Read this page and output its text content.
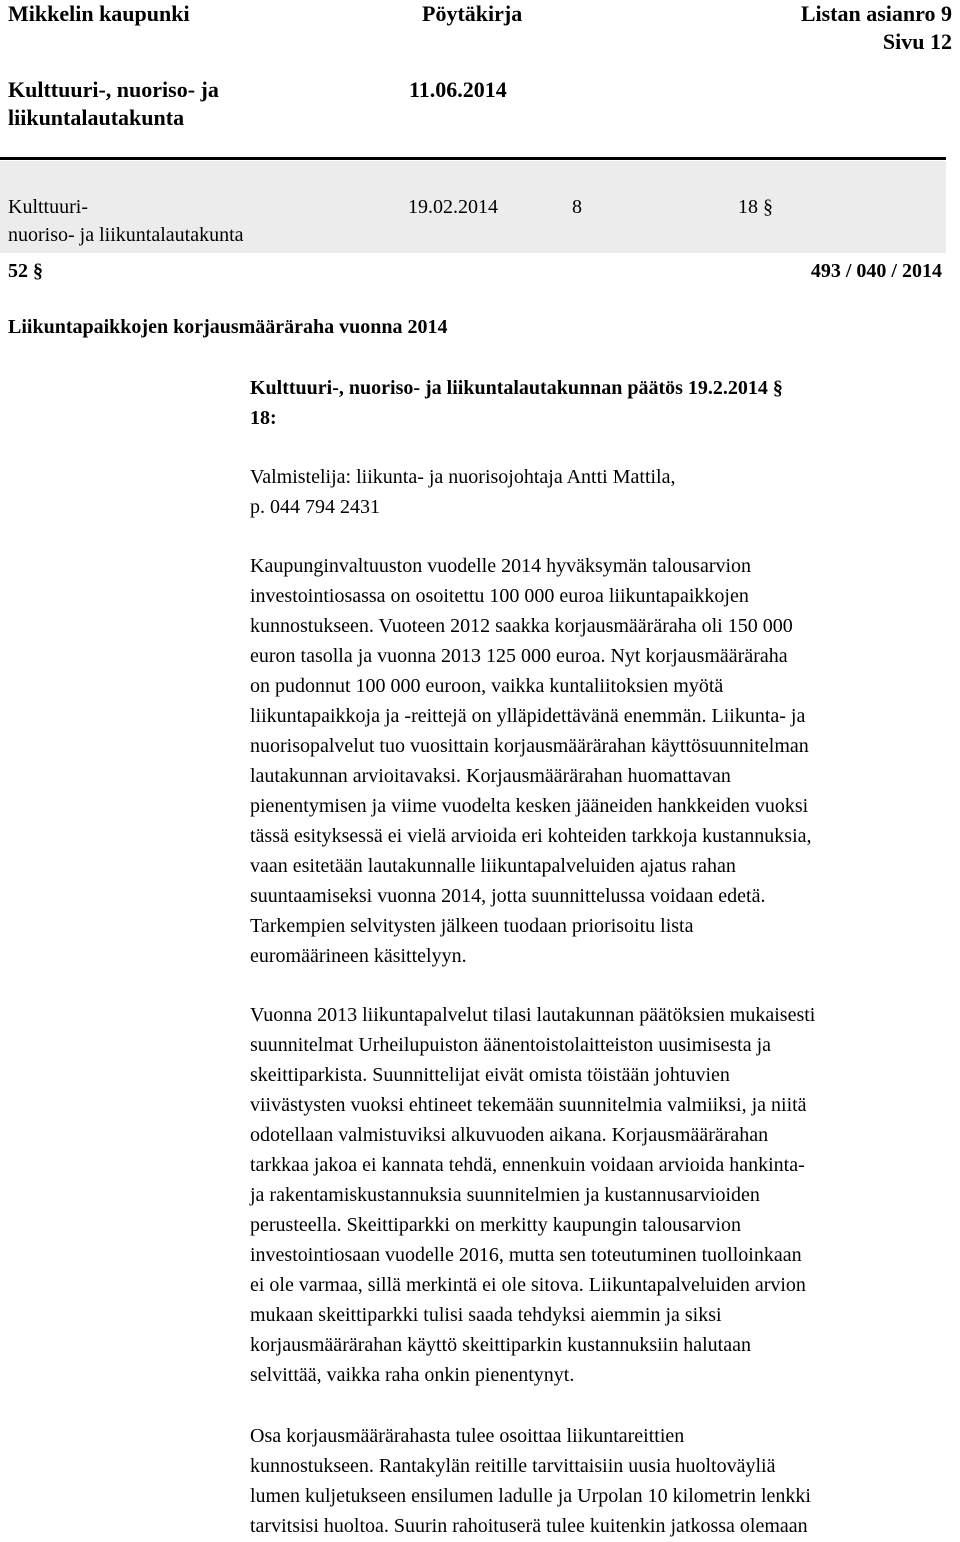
Mikkelin kaupunki	Pöytäkirja	Listan asianro 9
Sivu 12
Kulttuuri-, nuoriso- ja
liikuntalautakunta
11.06.2014
Kulttuuri-
nuoriso- ja liikuntalautakunta
19.02.2014	8	18 §
52 §	493 / 040 / 2014
Liikuntapaikkojen korjausmääräraha vuonna 2014
Kulttuuri-, nuoriso- ja liikuntalautakunnan päätös 19.2.2014 §
18:
Valmistelija: liikunta- ja nuorisojohtaja Antti Mattila,
p. 044 794 2431
Kaupunginvaltuuston vuodelle 2014 hyväksymän talousarvion
investointiosassa on osoitettu 100 000 euroa liikuntapaikkojen
kunnostukseen. Vuoteen 2012 saakka korjausmääräraha oli 150 000
euron tasolla ja vuonna 2013 125 000 euroa. Nyt korjausmääräraha
on pudonnut 100 000 euroon, vaikka kuntaliitoksien myötä
liikuntapaikkoja ja -reittejä on ylläpidettävänä enemmän. Liikunta- ja
nuorisopalvelut tuo vuosittain korjausmäärärahan käyttösuunnitelman
lautakunnan arvioitavaksi. Korjausmäärärahan huomattavan
pienentymisen ja viime vuodelta kesken jääneiden hankkeiden vuoksi
tässä esityksessä ei vielä arvioida eri kohteiden tarkkoja kustannuksia,
vaan esitetään lautakunnalle liikuntapalveluiden ajatus rahan
suuntaamiseksi vuonna 2014, jotta suunnittelussa voidaan edetä.
Tarkempien selvitysten jälkeen tuodaan priorisoitu lista
euromäärineen käsittelyyn.
Vuonna 2013 liikuntapalvelut tilasi lautakunnan päätöksien mukaisesti
suunnitelmat Urheilupuiston äänentoistolaitteiston uusimisesta ja
skeittiparkista. Suunnittelijat eivät omista töistään johtuvien
viivästysten vuoksi ehtineet tekemään suunnitelmia valmiiksi, ja niitä
odotellaan valmistuviksi alkuvuoden aikana. Korjausmäärärahan
tarkkaa jakoa ei kannata tehdä, ennenkuin voidaan arvioida hankinta-
ja rakentamiskustannuksia suunnitelmien ja kustannusarvioiden
perusteella. Skeittiparkki on merkitty kaupungin talousarvion
investointiosaan vuodelle 2016, mutta sen toteutuminen tuolloinkaan
ei ole varmaa, sillä merkintä ei ole sitova. Liikuntapalveluiden arvion
mukaan skeittiparkki tulisi saada tehdyksi aiemmin ja siksi
korjausmäärärahan käyttö skeittiparkin kustannuksiin halutaan
selvittää, vaikka raha onkin pienentynyt.
Osa korjausmäärärahasta tulee osoittaa liikuntareittien
kunnostukseen. Rantakylän reitille tarvittaisiin uusia huoltoväyliä
lumen kuljetukseen ensilumen ladulle ja Urpolan 10 kilometrin lenkki
tarvitsisi huoltoa. Suurin rahoituserä tulee kuitenkin jatkossa olemaan
